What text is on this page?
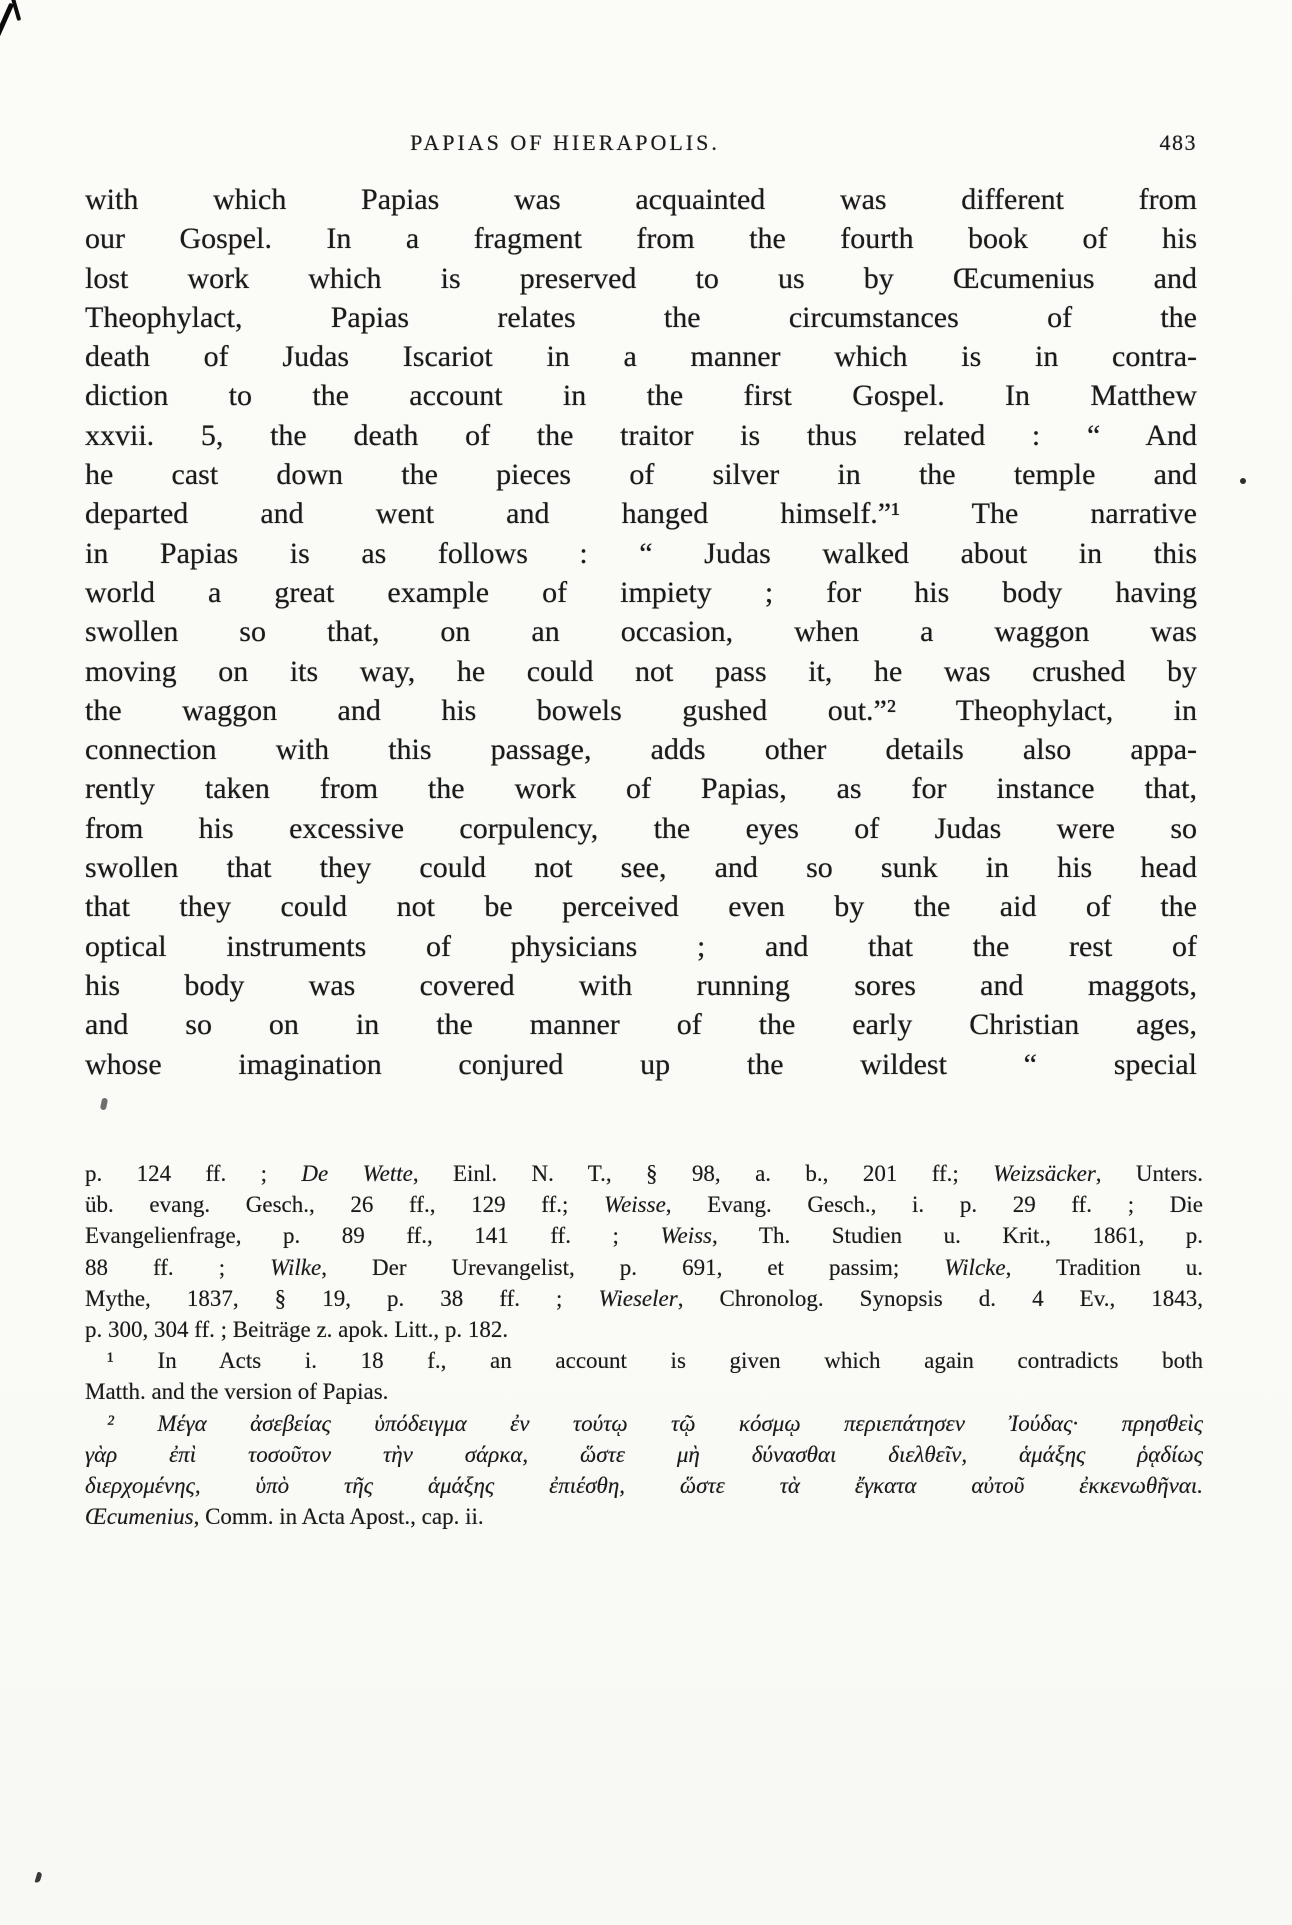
PAPIAS OF HIERAPOLIS.	483
with which Papias was acquainted was different from
our Gospel. In a fragment from the fourth book of his
lost work which is preserved to us by Œcumenius and
Theophylact, Papias relates the circumstances of the
death of Judas Iscariot in a manner which is in contra-
diction to the account in the first Gospel. In Matthew
xxvii. 5, the death of the traitor is thus related : “ And
he cast down the pieces of silver in the temple and
departed and went and hanged himself.”¹ The narrative
in Papias is as follows : “ Judas walked about in this
world a great example of impiety ; for his body having
swollen so that, on an occasion, when a waggon was
moving on its way, he could not pass it, he was crushed by
the waggon and his bowels gushed out.”² Theophylact, in
connection with this passage, adds other details also appa-
rently taken from the work of Papias, as for instance that,
from his excessive corpulency, the eyes of Judas were so
swollen that they could not see, and so sunk in his head
that they could not be perceived even by the aid of the
optical instruments of physicians ; and that the rest of
his body was covered with running sores and maggots,
and so on in the manner of the early Christian ages,
whose imagination conjured up the wildest “ special
p. 124 ff. ; De Wette, Einl. N. T., § 98, a. b., 201 ff.; Weizsäcker, Unters.
üb. evang. Gesch., 26 ff., 129 ff.; Weisse, Evang. Gesch., i. p. 29 ff. ; Die
Evangelienfrage, p. 89 ff., 141 ff. ; Weiss, Th. Studien u. Krit., 1861, p.
88 ff. ; Wilke, Der Urevangelist, p. 691, et passim; Wilcke, Tradition u.
Mythe, 1837, § 19, p. 38 ff. ; Wieseler, Chronolog. Synopsis d. 4 Ev., 1843,
p. 300, 304 ff. ; Beiträge z. apok. Litt., p. 182.
¹ In Acts i. 18 f., an account is given which again contradicts both
Matth. and the version of Papias.
² Μέγα ἀσεβείας ὑπόδειγμα ἐν τούτῳ τῷ κόσμῳ περιεπάτησεν Ἰούδας· πρησθεὶς
γὰρ ἐπὶ τοσοῦτον τὴν σάρκα, ὥστε μὴ δύνασθαι διελθεῖν, ἁμάξης ῥᾳδίως
διερχομένης, ὑπὸ τῆς ἁμάξης ἐπιέσθη, ὥστε τὰ ἔγκατα αὐτοῦ ἐκκενωθῆναι.
Œcumenius, Comm. in Acta Apost., cap. ii.
